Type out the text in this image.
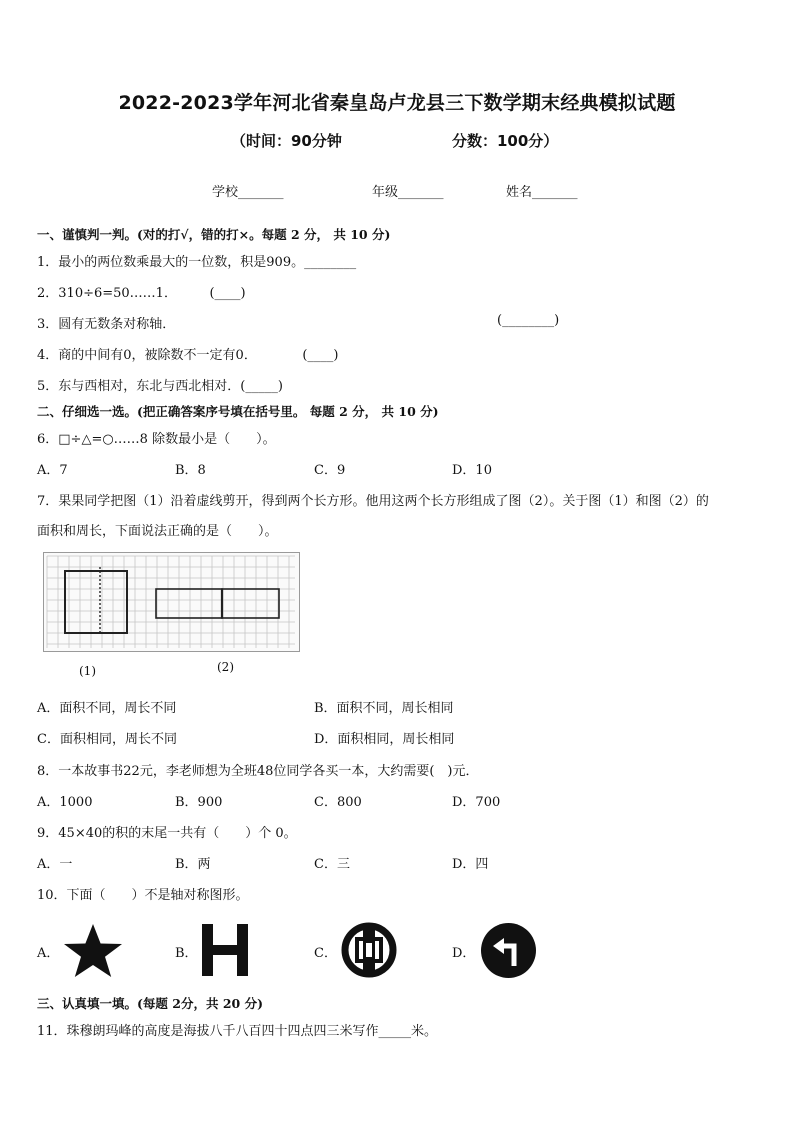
2022-2023学年河北省秦皇岛卢龙县三下数学期末经典模拟试题
（时间：90分钟	分数：100分）
学校_______	年级_______	姓名_______
一、谨慎判一判。(对的打√，错的打×。每题 2 分， 共 10 分)
1．最小的两位数乘最大的一位数，积是909。________
2．310÷6=50……1．　　　(____)
3．圆有无数条对称轴．	(________)
4．商的中间有0，被除数不一定有0．　　　　(____)
5．东与西相对，东北与西北相对．(_____)
二、仔细选一选。(把正确答案序号填在括号里。 每题 2 分， 共 10 分)
6．□÷△=○……8 除数最小是（　　）。
A．7	B．8	C．9	D．10
7．果果同学把图（1）沿着虚线剪开，得到两个长方形。他用这两个长方形组成了图（2）。关于图（1）和图（2）的
面积和周长，下面说法正确的是（　　）。
(1)	(2)
A．面积不同，周长不同	B．面积不同，周长相同
C．面积相同，周长不同	D．面积相同，周长相同
8．一本故事书22元，李老师想为全班48位同学各买一本，大约需要(　)元．
A．1000	B．900	C．800	D．700
9．45×40的积的末尾一共有（　　）个 0。
A．一	B．两	C．三	D．四
10．下面（　　）不是轴对称图形。
A．	B．	C．	D．
三、认真填一填。(每题 2分，共 20 分)
11．珠穆朗玛峰的高度是海拔八千八百四十四点四三米写作_____米。
